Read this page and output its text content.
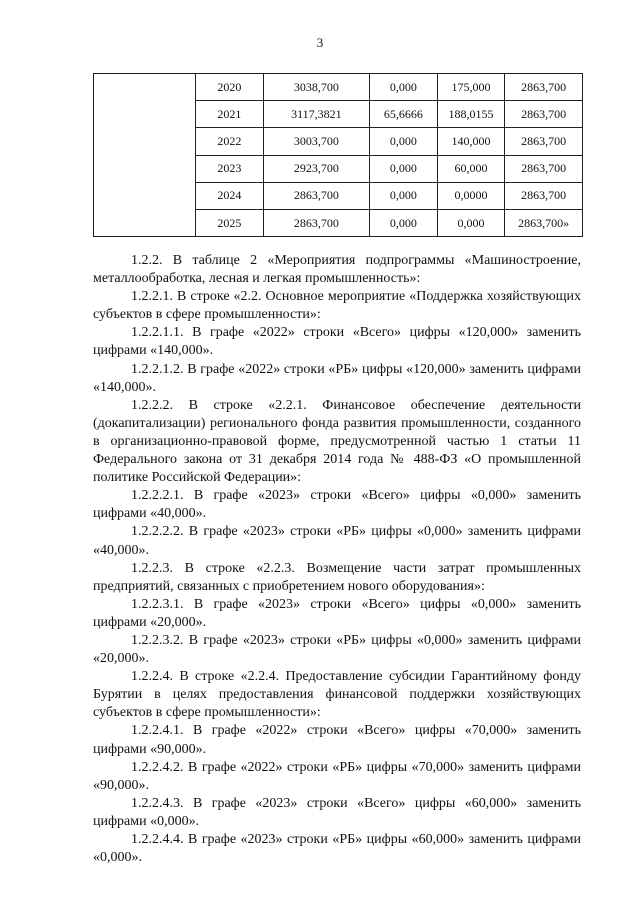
3
	2020	3038,700	0,000	175,000	2863,700
	2021	3117,3821	65,6666	188,0155	2863,700
	2022	3003,700	0,000	140,000	2863,700
	2023	2923,700	0,000	60,000	2863,700
	2024	2863,700	0,000	0,0000	2863,700
	2025	2863,700	0,000	0,000	2863,700»

1.2.2. В таблице 2 «Мероприятия подпрограммы «Машиностроение, металлообработка, лесная и легкая промышленность»:

1.2.2.1. В строке «2.2. Основное мероприятие «Поддержка хозяйствующих субъектов в сфере промышленности»:

1.2.2.1.1. В графе «2022» строки «Всего» цифры «120,000» заменить цифрами «140,000».

1.2.2.1.2. В графе «2022» строки «РБ» цифры «120,000» заменить цифрами «140,000».

1.2.2.2. В строке «2.2.1. Финансовое обеспечение деятельности (докапитализации) регионального фонда развития промышленности, созданного в организационно-правовой форме, предусмотренной частью 1 статьи 11 Федерального закона от 31 декабря 2014 года № 488-ФЗ «О промышленной политике Российской Федерации»:

1.2.2.2.1. В графе «2023» строки «Всего» цифры «0,000» заменить цифрами «40,000».

1.2.2.2.2. В графе «2023» строки «РБ» цифры «0,000» заменить цифрами «40,000».

1.2.2.3. В строке «2.2.3. Возмещение части затрат промышленных предприятий, связанных с приобретением нового оборудования»:

1.2.2.3.1. В графе «2023» строки «Всего» цифры «0,000» заменить цифрами «20,000».

1.2.2.3.2. В графе «2023» строки «РБ» цифры «0,000» заменить цифрами «20,000».

1.2.2.4. В строке «2.2.4. Предоставление субсидии Гарантийному фонду Бурятии в целях предоставления финансовой поддержки хозяйствующих субъектов в сфере промышленности»:

1.2.2.4.1. В графе «2022» строки «Всего» цифры «70,000» заменить цифрами «90,000».

1.2.2.4.2. В графе «2022» строки «РБ» цифры «70,000» заменить цифрами «90,000».

1.2.2.4.3. В графе «2023» строки «Всего» цифры «60,000» заменить цифрами «0,000».

1.2.2.4.4. В графе «2023» строки «РБ» цифры «60,000» заменить цифрами «0,000».
